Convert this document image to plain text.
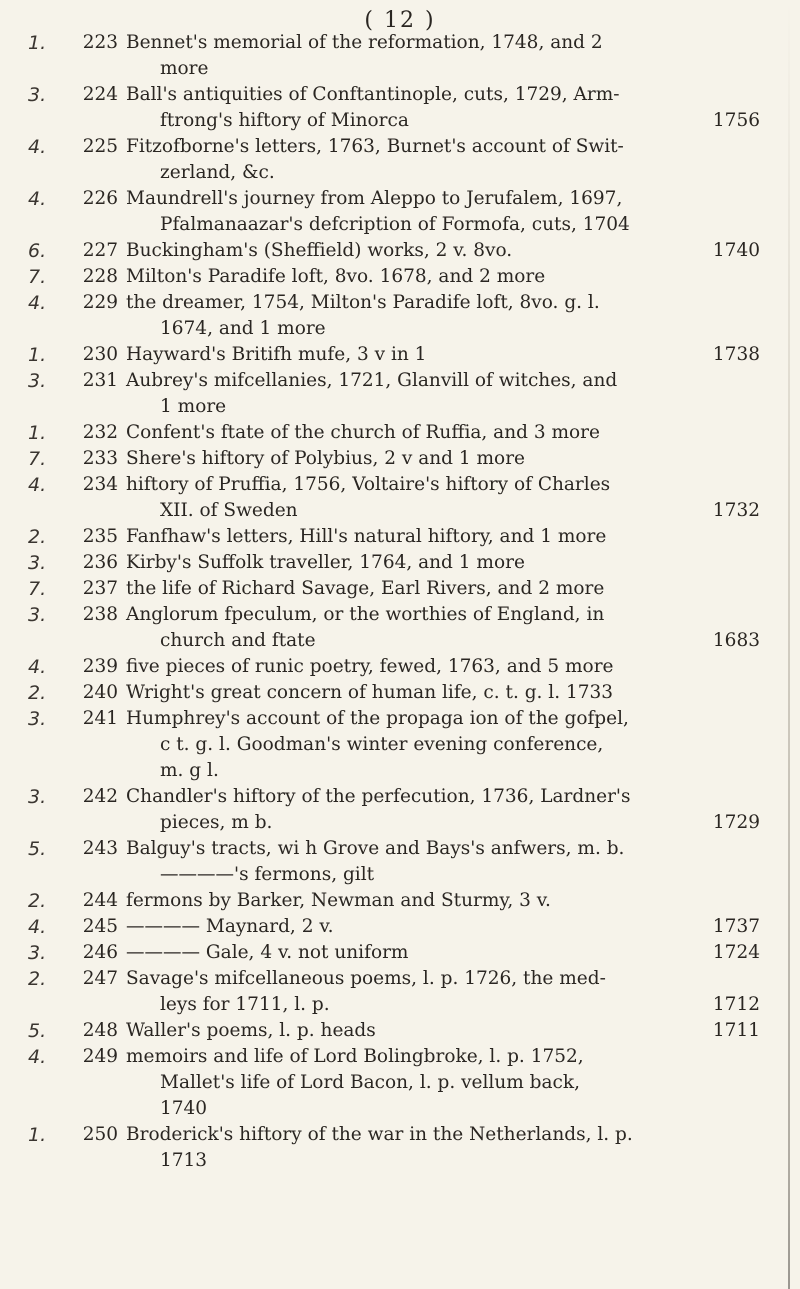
( 12 )
1.	223 Bennet's memorial of the reformation, 1748, and 2
more
3.	224 Ball's antiquities of Conftantinople, cuts, 1729, Arm-
ftrong's hiftory of Minorca	1756
4.	225 Fitzofborne's letters, 1763, Burnet's account of Swit-
zerland, &c.
4.	226 Maundrell's journey from Aleppo to Jerufalem, 1697,
Pfalmanaazar's defcription of Formofa, cuts, 1704
6.	227 Buckingham's (Sheffield) works, 2 v. 8vo.	1740
7.	228 Milton's Paradife loft, 8vo. 1678, and 2 more
4.	229 the dreamer, 1754, Milton's Paradife loft, 8vo. g. l.
1674, and 1 more
1.	230 Hayward's Britifh mufe, 3 v in 1	1738
3.	231 Aubrey's mifcellanies, 1721, Glanvill of witches, and
1 more
1.	232 Confent's ftate of the church of Ruffia, and 3 more
7.	233 Shere's hiftory of Polybius, 2 v and 1 more
4.	234 hiftory of Pruffia, 1756, Voltaire's hiftory of Charles
XII. of Sweden	1732
2.	235 Fanfhaw's letters, Hill's natural hiftory, and 1 more
3.	236 Kirby's Suffolk traveller, 1764, and 1 more
7.	237 the life of Richard Savage, Earl Rivers, and 2 more
3.	238 Anglorum fpeculum, or the worthies of England, in
church and ftate	1683
4.	239 five pieces of runic poetry, fewed, 1763, and 5 more
2.	240 Wright's great concern of human life, c. t. g. l. 1733
3.	241 Humphrey's account of the propaga ion of the gofpel,
c t. g. l. Goodman's winter evening conference,
m. g l.
3.	242 Chandler's hiftory of the perfecution, 1736, Lardner's
pieces, m b.	1729
5.	243 Balguy's tracts, wi h Grove and Bays's anfwers, m. b.
————'s fermons, gilt
2.	244 fermons by Barker, Newman and Sturmy, 3 v.
4.	245 ———— Maynard, 2 v.	1737
3.	246 ———— Gale, 4 v. not uniform	1724
2.	247 Savage's mifcellaneous poems, l. p. 1726, the med-
leys for 1711, l. p.	1712
5.	248 Waller's poems, l. p. heads	1711
4.	249 memoirs and life of Lord Bolingbroke, l. p. 1752,
Mallet's life of Lord Bacon, l. p. vellum back,
1740
1.	250 Broderick's hiftory of the war in the Netherlands, l. p.
1713
